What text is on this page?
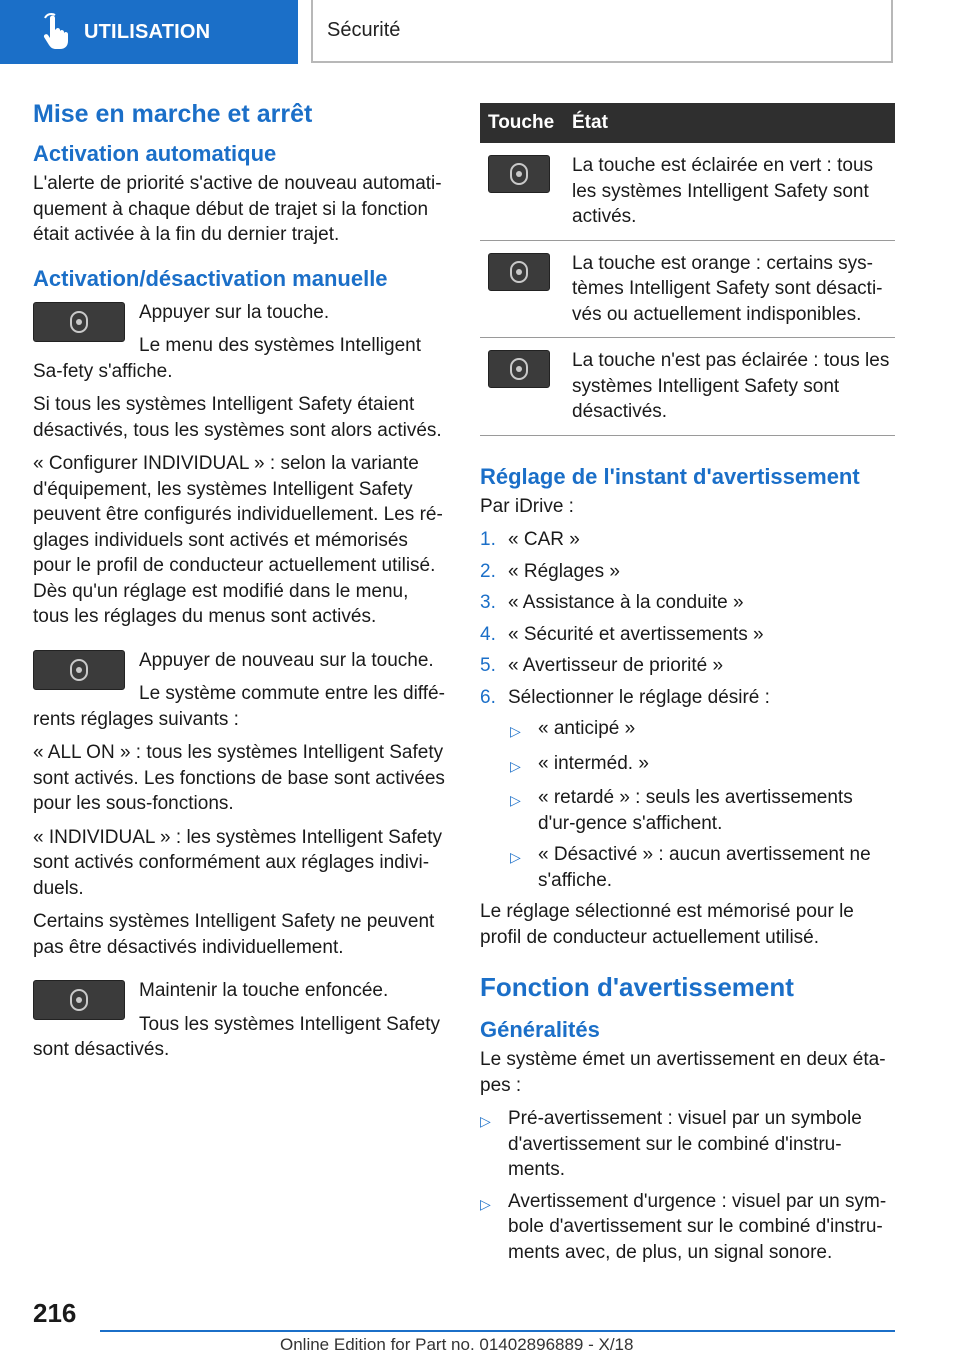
UTILISATION	Sécurité
Mise en marche et arrêt
Activation automatique

L'alerte de priorité s'active de nouveau automati-quement à chaque début de trajet si la fonction était activée à la fin du dernier trajet.

Activation/désactivation manuelle

Appuyer sur la touche.

Le menu des systèmes Intelligent Sa-fety s'affiche.

Si tous les systèmes Intelligent Safety étaient désactivés, tous les systèmes sont alors activés.

« Configurer INDIVIDUAL » : selon la variante d'équipement, les systèmes Intelligent Safety peuvent être configurés individuellement. Les ré-glages individuels sont activés et mémorisés pour le profil de conducteur actuellement utilisé. Dès qu'un réglage est modifié dans le menu, tous les réglages du menus sont activés.

Appuyer de nouveau sur la touche.

Le système commute entre les diffé-rents réglages suivants :

« ALL ON » : tous les systèmes Intelligent Safety sont activés. Les fonctions de base sont activées pour les sous-fonctions.

« INDIVIDUAL » : les systèmes Intelligent Safety sont activés conformément aux réglages indivi-duels.

Certains systèmes Intelligent Safety ne peuvent pas être désactivés individuellement.

Maintenir la touche enfoncée.

Tous les systèmes Intelligent Safety sont désactivés.

Touche	État

	La touche est éclairée en vert : tous les systèmes Intelligent Safety sont activés.

	La touche est orange : certains sys-tèmes Intelligent Safety sont désacti-vés ou actuellement indisponibles.

	La touche n'est pas éclairée : tous les systèmes Intelligent Safety sont désactivés.
Réglage de l'instant d'avertissement

Par iDrive :

1. « CAR »
2. « Réglages »
3. « Assistance à la conduite »
4. « Sécurité et avertissements »
5. « Avertisseur de priorité »
6. Sélectionner le réglage désiré :
▷ « anticipé »
▷ « interméd. »
▷ « retardé » : seuls les avertissements d'ur-gence s'affichent.
▷ « Désactivé » : aucun avertissement ne s'affiche.

Le réglage sélectionné est mémorisé pour le profil de conducteur actuellement utilisé.

Fonction d'avertissement
Généralités

Le système émet un avertissement en deux éta-pes :

▷ Pré-avertissement : visuel par un symbole d'avertissement sur le combiné d'instru-ments.
▷ Avertissement d'urgence : visuel par un sym-bole d'avertissement sur le combiné d'instru-ments avec, de plus, un signal sonore.
216
Online Edition for Part no. 01402896889 - X/18
